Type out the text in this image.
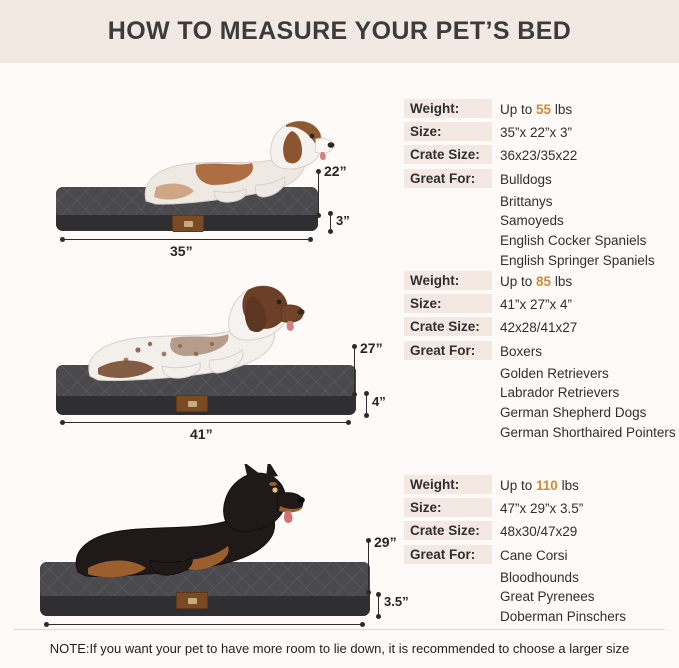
HOW TO MEASURE YOUR PET’S BED
22”
3”
35”
Weight:	Up to 55 lbs
Size:	35”x 22”x 3”
Crate Size:	36x23/35x22
Great For:	Bulldogs
Brittanys
Samoyeds
English Cocker Spaniels
English Springer Spaniels
27”
4”
41”
Weight:	Up to 85 lbs
Size:	41”x 27”x 4”
Crate Size:	42x28/41x27
Great For:	Boxers
Golden Retrievers
Labrador Retrievers
German Shepherd Dogs
German Shorthaired Pointers
29”
3.5”
Weight:	Up to 110 lbs
Size:	47”x 29”x 3.5”
Crate Size:	48x30/47x29
Great For:	Cane Corsi
Bloodhounds
Great Pyrenees
Doberman Pinschers
NOTE:If you want your pet to have more room to lie down, it is recommended to choose a larger size
